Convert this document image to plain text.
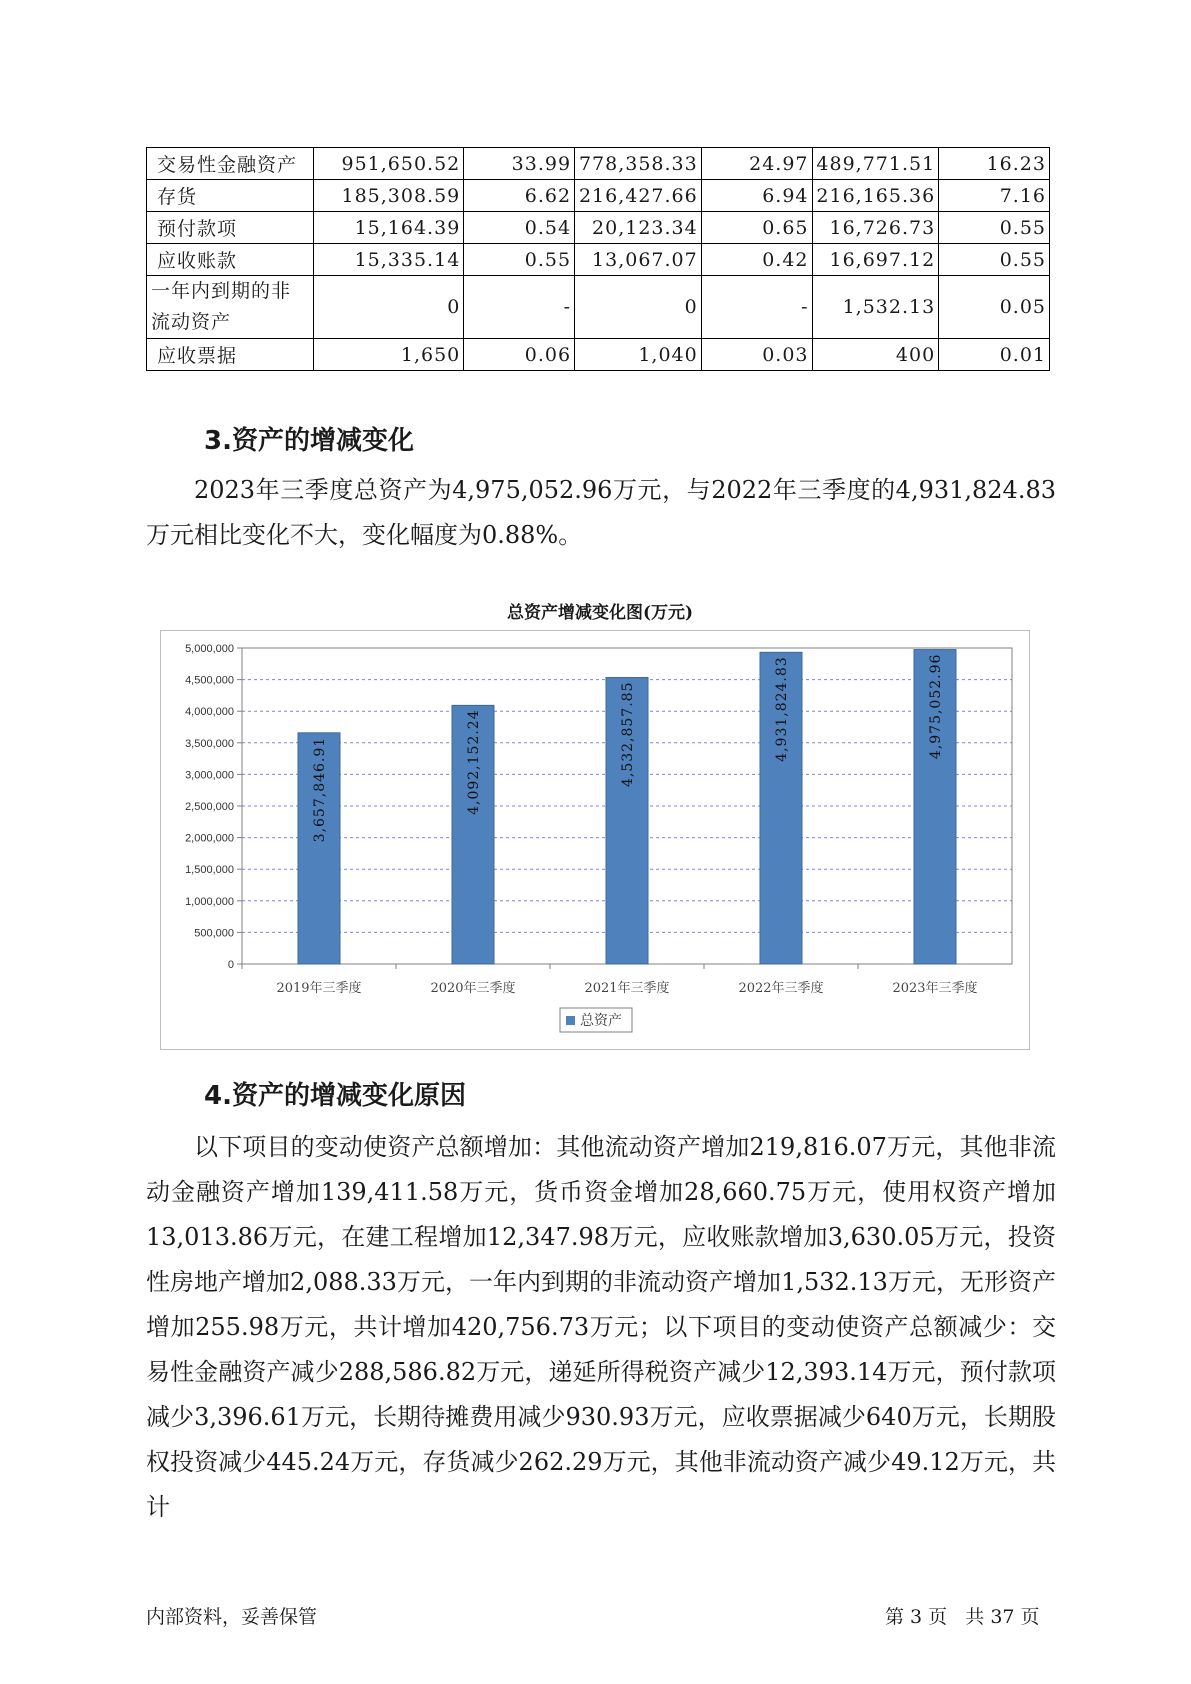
交易性金融资产	951,650.52	33.99	778,358.33	24.97	489,771.51	16.23
存货	185,308.59	6.62	216,427.66	6.94	216,165.36	7.16
预付款项	15,164.39	0.54	20,123.34	0.65	16,726.73	0.55
应收账款	15,335.14	0.55	13,067.07	0.42	16,697.12	0.55
一年内到期的非流动资产	0	-	0	-	1,532.13	0.05
应收票据	1,650	0.06	1,040	0.03	400	0.01
3.资产的增减变化

2023年三季度总资产为4,975,052.96万元，与2022年三季度的4,931,824.83万元相比变化不大，变化幅度为0.88%。

总资产增减变化图(万元)

0
500,000
1,000,000
1,500,000
2,000,000
2,500,000
3,000,000
3,500,000
4,000,000
4,500,000
5,000,000
3,657,846.91
2019年三季度
4,092,152.24
2020年三季度
4,532,857.85
2021年三季度
4,931,824.83
2022年三季度
4,975,052.96
2023年三季度
总资产
4.资产的增减变化原因

以下项目的变动使资产总额增加：其他流动资产增加219,816.07万元，其他非流动金融资产增加139,411.58万元，货币资金增加28,660.75万元，使用权资产增加13,013.86万元，在建工程增加12,347.98万元，应收账款增加3,630.05万元，投资性房地产增加2,088.33万元，一年内到期的非流动资产增加1,532.13万元，无形资产增加255.98万元，共计增加420,756.73万元；以下项目的变动使资产总额减少：交易性金融资产减少288,586.82万元，递延所得税资产减少12,393.14万元，预付款项减少3,396.61万元，长期待摊费用减少930.93万元，应收票据减少640万元，长期股权投资减少445.24万元，存货减少262.29万元，其他非流动资产减少49.12万元，共计

内部资料，妥善保管	第 3 页   共 37 页
